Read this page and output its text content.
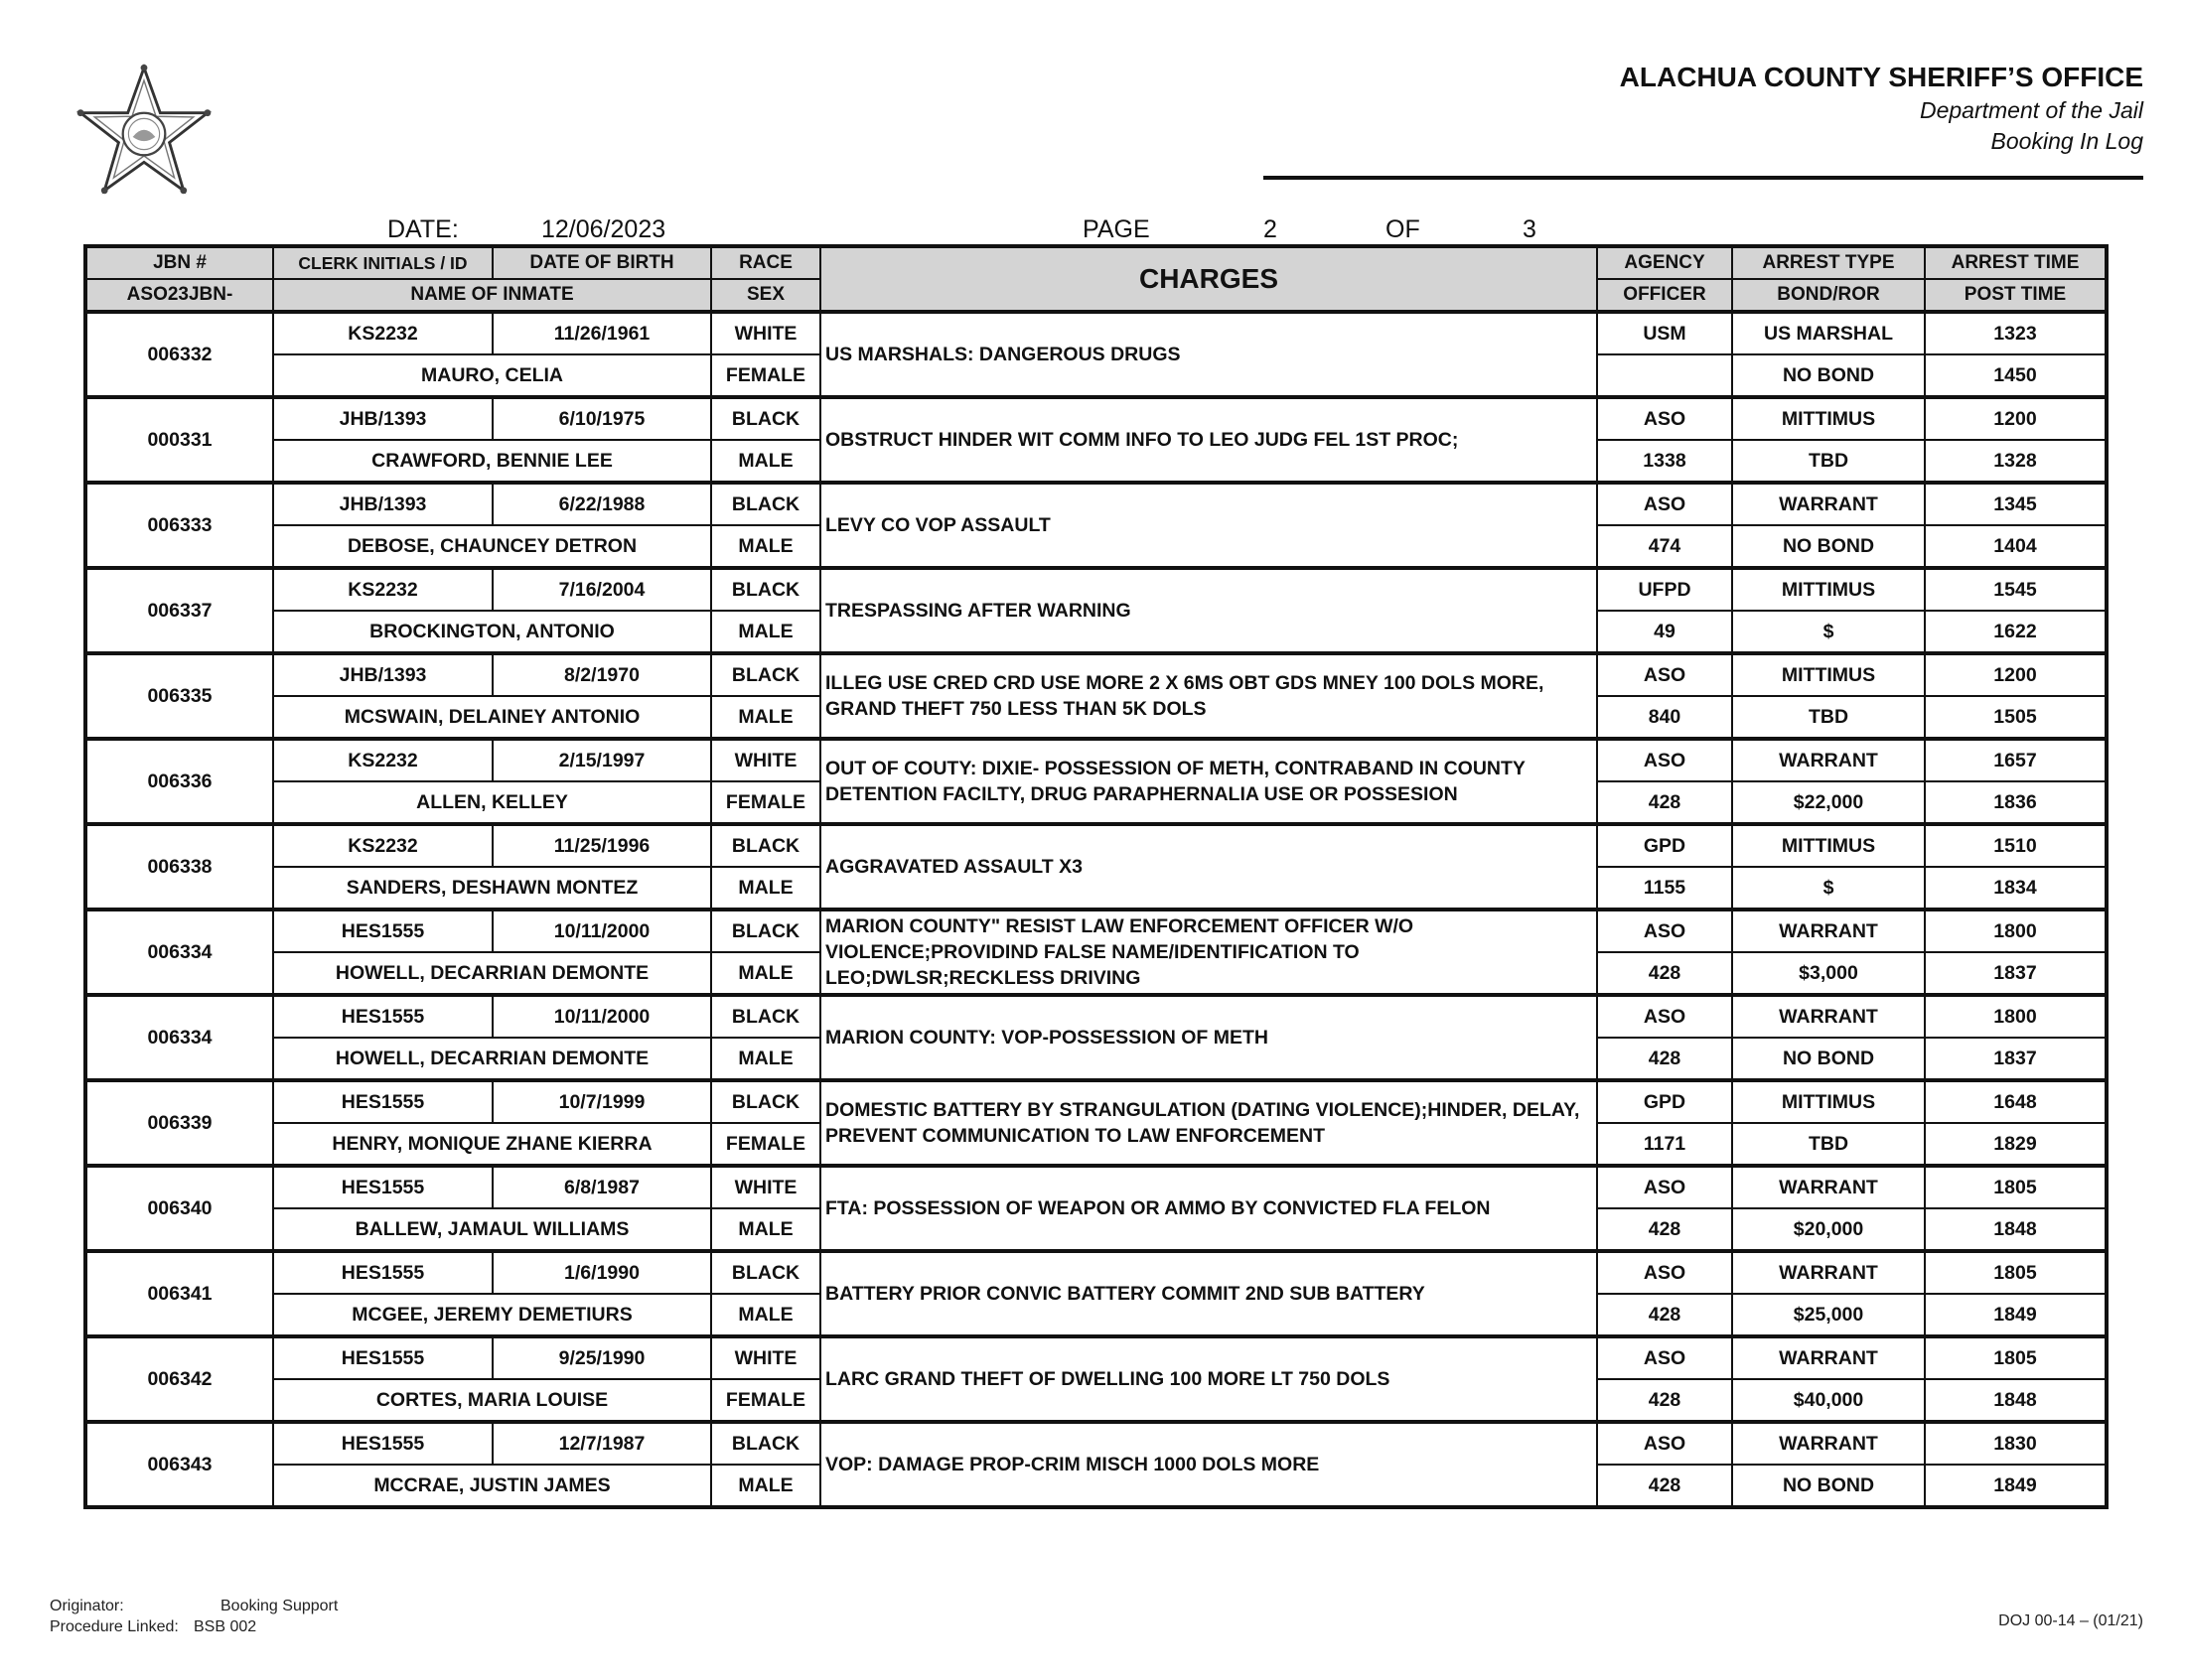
ALACHUA COUNTY SHERIFF’S OFFICE
Department of the Jail
Booking In Log
DATE:	12/06/2023	PAGE	2	OF	3
JBN #	CLERK INITIALS / ID	DATE OF BIRTH	RACE	CHARGES	AGENCY	ARREST TYPE	ARREST TIME
ASO23JBN-	NAME OF INMATE		SEX		OFFICER	BOND/ROR	POST TIME
006332	KS2232	11/26/1961	WHITE	US MARSHALS: DANGEROUS DRUGS	USM	US MARSHAL	1323
	MAURO, CELIA		FEMALE			NO BOND	1450
000331	JHB/1393	6/10/1975	BLACK	OBSTRUCT HINDER WIT COMM INFO TO LEO JUDG FEL 1ST PROC;	ASO	MITTIMUS	1200
	CRAWFORD, BENNIE LEE		MALE		1338	TBD	1328
006333	JHB/1393	6/22/1988	BLACK	LEVY CO VOP ASSAULT	ASO	WARRANT	1345
	DEBOSE, CHAUNCEY DETRON		MALE		474	NO BOND	1404
006337	KS2232	7/16/2004	BLACK	TRESPASSING AFTER WARNING	UFPD	MITTIMUS	1545
	BROCKINGTON, ANTONIO		MALE		49	$	1622
006335	JHB/1393	8/2/1970	BLACK	ILLEG USE CRED CRD USE MORE 2 X 6MS OBT GDS MNEY 100 DOLS MORE, GRAND THEFT 750 LESS THAN 5K DOLS	ASO	MITTIMUS	1200
	MCSWAIN, DELAINEY ANTONIO		MALE		840	TBD	1505
006336	KS2232	2/15/1997	WHITE	OUT OF COUTY: DIXIE- POSSESSION OF METH, CONTRABAND IN COUNTY DETENTION FACILTY, DRUG PARAPHERNALIA USE OR POSSESION	ASO	WARRANT	1657
	ALLEN, KELLEY		FEMALE		428	$22,000	1836
006338	KS2232	11/25/1996	BLACK	AGGRAVATED ASSAULT X3	GPD	MITTIMUS	1510
	SANDERS, DESHAWN MONTEZ		MALE		1155	$	1834
006334	HES1555	10/11/2000	BLACK	MARION COUNTY" RESIST LAW ENFORCEMENT OFFICER W/O VIOLENCE;PROVIDIND FALSE NAME/IDENTIFICATION TO LEO;DWLSR;RECKLESS DRIVING	ASO	WARRANT	1800
	HOWELL, DECARRIAN DEMONTE		MALE		428	$3,000	1837
006334	HES1555	10/11/2000	BLACK	MARION COUNTY: VOP-POSSESSION OF METH	ASO	WARRANT	1800
	HOWELL, DECARRIAN DEMONTE		MALE		428	NO BOND	1837
006339	HES1555	10/7/1999	BLACK	DOMESTIC BATTERY BY STRANGULATION (DATING VIOLENCE);HINDER, DELAY, PREVENT COMMUNICATION TO LAW ENFORCEMENT	GPD	MITTIMUS	1648
	HENRY, MONIQUE ZHANE KIERRA		FEMALE		1171	TBD	1829
006340	HES1555	6/8/1987	WHITE	FTA: POSSESSION OF WEAPON OR AMMO BY CONVICTED FLA FELON	ASO	WARRANT	1805
	BALLEW, JAMAUL WILLIAMS		MALE		428	$20,000	1848
006341	HES1555	1/6/1990	BLACK	BATTERY PRIOR CONVIC BATTERY COMMIT 2ND SUB BATTERY	ASO	WARRANT	1805
	MCGEE, JEREMY DEMETIURS		MALE		428	$25,000	1849
006342	HES1555	9/25/1990	WHITE	LARC GRAND THEFT OF DWELLING 100 MORE LT 750 DOLS	ASO	WARRANT	1805
	CORTES, MARIA LOUISE		FEMALE		428	$40,000	1848
006343	HES1555	12/7/1987	BLACK	VOP: DAMAGE PROP-CRIM MISCH 1000 DOLS MORE	ASO	WARRANT	1830
	MCCRAE, JUSTIN JAMES		MALE		428	NO BOND	1849
Originator:	Booking Support
Procedure Linked: BSB 002	DOJ 00-14 – (01/21)
